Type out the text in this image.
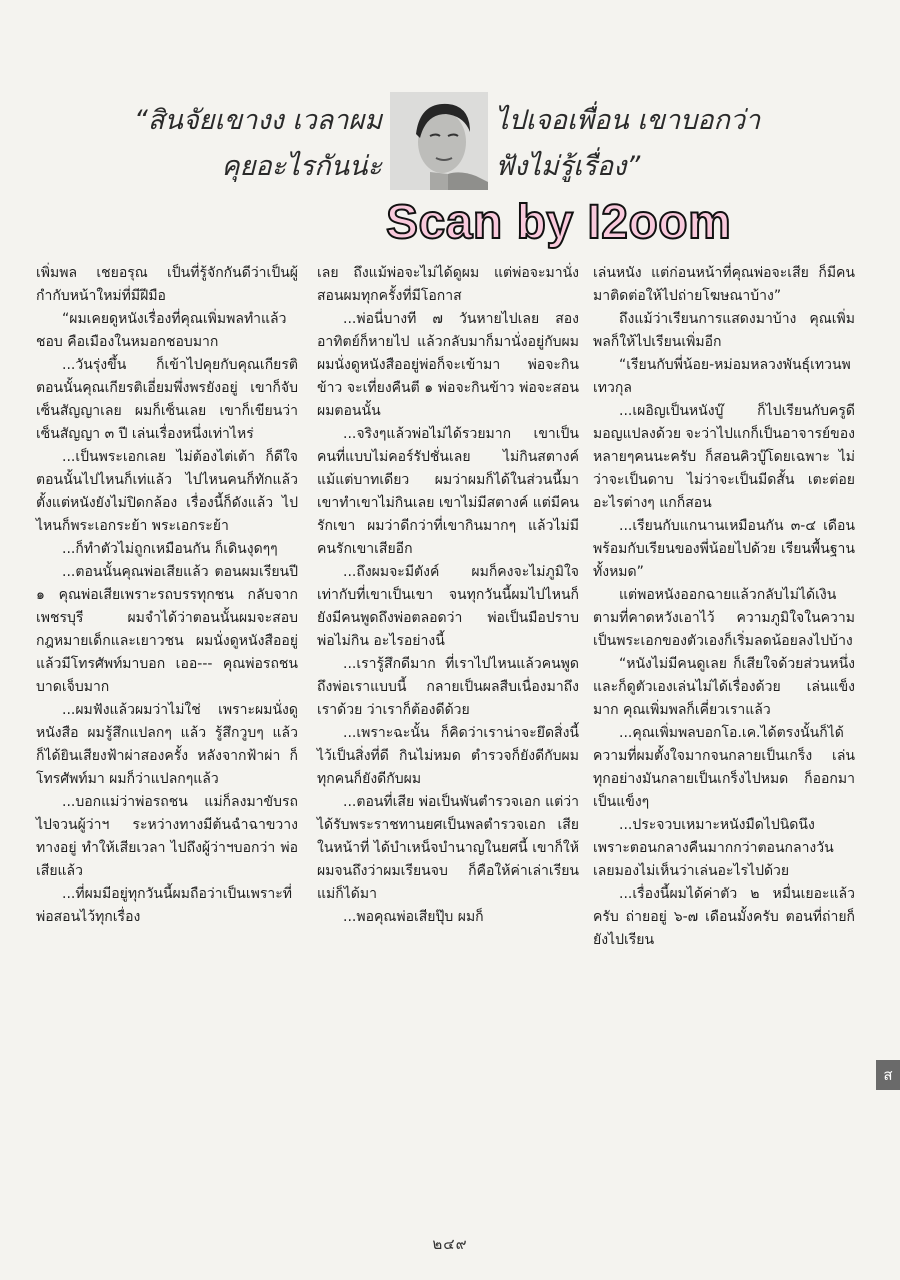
“สินจัยเขางง เวลาผม
คุยอะไรกันน่ะ
ไปเจอเพื่อน เขาบอกว่า
ฟังไม่รู้เรื่อง”
Scan by I2oom

เพิ่มพล เชยอรุณ เป็นที่รู้จักกันดีว่าเป็นผู้กำกับหน้าใหม่ที่มีฝีมือ

“ผมเคยดูหนังเรื่องที่คุณเพิ่มพลทำแล้วชอบ คือเมืองในหมอกชอบมาก

...วันรุ่งขึ้น ก็เข้าไปคุยกับคุณเกียรติ ตอนนั้นคุณเกียรติเอี่ยมพึ่งพรยังอยู่ เขาก็จับเซ็นสัญญาเลย ผมก็เซ็นเลย เขาก็เขียนว่าเซ็นสัญญา ๓ ปี เล่นเรื่องหนึ่งเท่าไหร่

...เป็นพระเอกเลย ไม่ต้องไต่เต้า ก็ดีใจ ตอนนั้นไปไหนก็เท่แล้ว ไปไหนคนก็ทักแล้ว ตั้งแต่หนังยังไม่ปิดกล้อง เรื่องนี้ก็ดังแล้ว ไปไหนก็พระเอกระย้า พระเอกระย้า

...ก็ทำตัวไม่ถูกเหมือนกัน ก็เดินงุดๆๆ

...ตอนนั้นคุณพ่อเสียแล้ว ตอนผมเรียนปี ๑ คุณพ่อเสียเพราะรถบรรทุกชน กลับจากเพชรบุรี ผมจำได้ว่าตอนนั้นผมจะสอบกฎหมายเด็กและเยาวชน ผมนั่งดูหนังสืออยู่แล้วมีโทรศัพท์มาบอก เออ--- คุณพ่อรถชน บาดเจ็บมาก

...ผมฟังแล้วผมว่าไม่ใช่ เพราะผมนั่งดูหนังสือ ผมรู้สึกแปลกๆ แล้ว รู้สึกวูบๆ แล้วก็ได้ยินเสียงฟ้าผ่าสองครั้ง หลังจากฟ้าผ่า ก็โทรศัพท์มา ผมก็ว่าแปลกๆแล้ว

...บอกแม่ว่าพ่อรถชน แม่ก็ลงมาขับรถไปจวนผู้ว่าฯ ระหว่างทางมีต้นฉำฉาขวางทางอยู่ ทำให้เสียเวลา ไปถึงผู้ว่าฯบอกว่า พ่อเสียแล้ว

...ที่ผมมีอยู่ทุกวันนี้ผมถือว่าเป็นเพราะที่พ่อสอนไว้ทุกเรื่อง

เลย ถึงแม้พ่อจะไม่ได้ดูผม แต่พ่อจะมานั่งสอนผมทุกครั้งที่มีโอกาส

...พ่อนี่บางที ๗ วันหายไปเลย สองอาทิตย์ก็หายไป แล้วกลับมาก็มานั่งอยู่กับผม ผมนั่งดูหนังสืออยู่พ่อก็จะเข้ามา พ่อจะกินข้าว จะเที่ยงคืนตี ๑ พ่อจะกินข้าว พ่อจะสอนผมตอนนั้น

...จริงๆแล้วพ่อไม่ได้รวยมาก เขาเป็นคนที่แบบไม่คอร์รัปชั่นเลย ไม่กินสตางค์แม้แต่บาทเดียว ผมว่าผมก็ได้ในส่วนนี้มา เขาทำเขาไม่กินเลย เขาไม่มีสตางค์ แต่มีคนรักเขา ผมว่าดีกว่าที่เขากินมากๆ แล้วไม่มีคนรักเขาเสียอีก

...ถึงผมจะมีตังค์ ผมก็คงจะไม่ภูมิใจเท่ากับที่เขาเป็นเขา จนทุกวันนี้ผมไปไหนก็ยังมีคนพูดถึงพ่อตลอดว่า พ่อเป็นมือปราบ พ่อไม่กิน อะไรอย่างนี้

...เรารู้สึกดีมาก ที่เราไปไหนแล้วคนพูดถึงพ่อเราแบบนี้ กลายเป็นผลสืบเนื่องมาถึงเราด้วย ว่าเราก็ต้องดีด้วย

...เพราะฉะนั้น ก็คิดว่าเราน่าจะยึดสิ่งนี้ไว้เป็นสิ่งที่ดี กินไม่หมด ตำรวจก็ยังดีกับผม ทุกคนก็ยังดีกับผม

...ตอนที่เสีย พ่อเป็นพันตำรวจเอก แต่ว่าได้รับพระราชทานยศเป็นพลตำรวจเอก เสียในหน้าที่ ได้บำเหน็จบำนาญในยศนี้ เขาก็ให้ผมจนถึงว่าผมเรียนจบ ก็คือให้ค่าเล่าเรียน แม่ก็ได้มา

...พอคุณพ่อเสียปุ๊บ ผมก็

เล่นหนัง แต่ก่อนหน้าที่คุณพ่อจะเสีย ก็มีคนมาติดต่อให้ไปถ่ายโฆษณาบ้าง”

ถึงแม้ว่าเรียนการแสดงมาบ้าง คุณเพิ่มพลก็ให้ไปเรียนเพิ่มอีก

“เรียนกับพี่น้อย-หม่อมหลวงพันธุ์เทวนพ เทวกุล

...เผอิญเป็นหนังบู๊ ก็ไปเรียนกับครูดี มอญแปลงด้วย จะว่าไปแกก็เป็นอาจารย์ของหลายๆคนนะครับ ก็สอนคิวบู๊โดยเฉพาะ ไม่ว่าจะเป็นดาบ ไม่ว่าจะเป็นมีดสั้น เตะต่อยอะไรต่างๆ แกก็สอน

...เรียนกับแกนานเหมือนกัน ๓-๔ เดือน พร้อมกับเรียนของพี่น้อยไปด้วย เรียนพื้นฐานทั้งหมด”

แต่พอหนังออกฉายแล้วกลับไม่ได้เงินตามที่คาดหวังเอาไว้ ความภูมิใจในความเป็นพระเอกของตัวเองก็เริ่มลดน้อยลงไปบ้าง

“หนังไม่มีคนดูเลย ก็เสียใจด้วยส่วนหนึ่ง และก็ดูตัวเองเล่นไม่ได้เรื่องด้วย เล่นแข็งมาก คุณเพิ่มพลก็เคี่ยวเราแล้ว

...คุณเพิ่มพลบอกโอ.เค.ได้ตรงนั้นก็ได้ ความที่ผมตั้งใจมากจนกลายเป็นเกร็ง เล่นทุกอย่างมันกลายเป็นเกร็งไปหมด ก็ออกมาเป็นแข็งๆ

...ประจวบเหมาะหนังมืดไปนิดนึง เพราะตอนกลางคืนมากกว่าตอนกลางวัน เลยมองไม่เห็นว่าเล่นอะไรไปด้วย

...เรื่องนี้ผมได้ค่าตัว ๒ หมื่นเยอะแล้วครับ ถ่ายอยู่ ๖-๗ เดือนมั้งครับ ตอนที่ถ่ายก็ยังไปเรียน

๒๔๙
ส
